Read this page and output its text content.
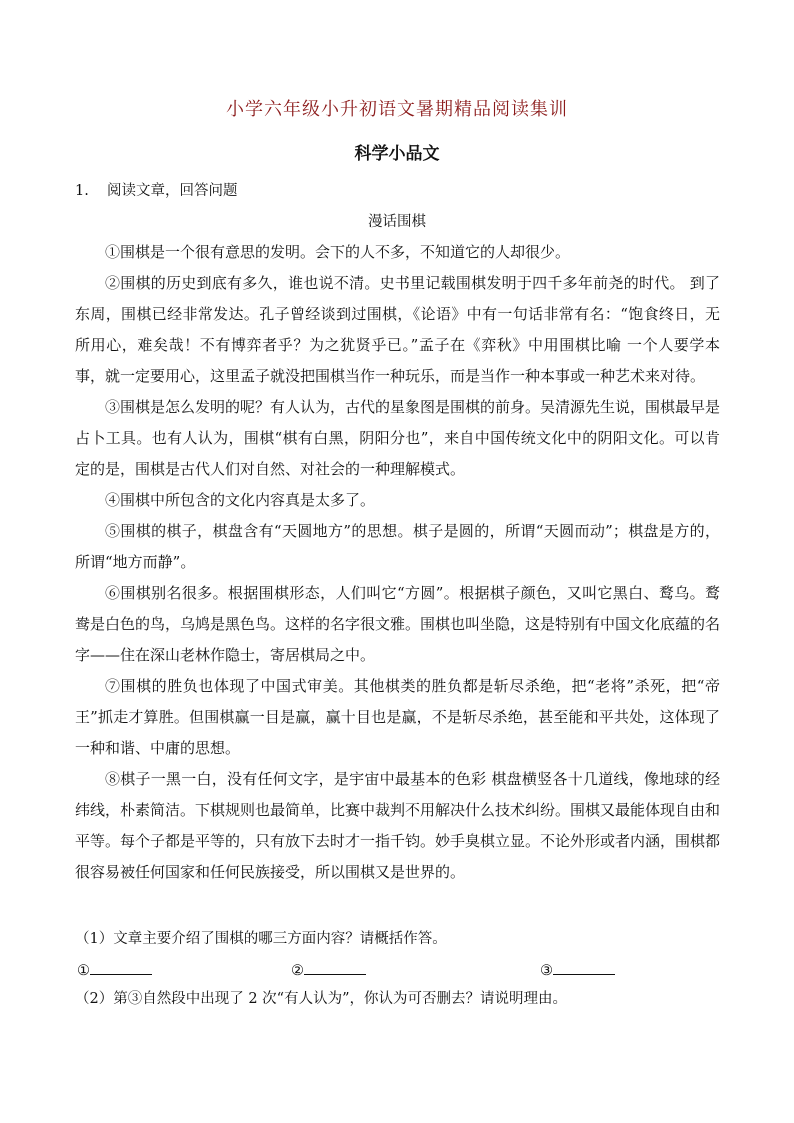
小学六年级小升初语文暑期精品阅读集训
科学小品文
1. 阅读文章，回答问题
漫话围棋

①围棋是一个很有意思的发明。会下的人不多，不知道它的人却很少。

②围棋的历史到底有多久，谁也说不清。史书里记载围棋发明于四千多年前尧的时代。 到了东周，围棋已经非常发达。孔子曾经谈到过围棋，《论语》中有一句话非常有名：“饱食终日，无所用心，难矣哉！不有博弈者乎？为之犹贤乎已。”孟子在《弈秋》中用围棋比喻 一个人要学本事，就一定要用心，这里孟子就没把围棋当作一种玩乐，而是当作一种本事或一种艺术来对待。

③围棋是怎么发明的呢？有人认为，古代的星象图是围棋的前身。吴清源先生说，围棋最早是占卜工具。也有人认为，围棋“棋有白黑，阴阳分也”，来自中国传统文化中的阴阳文化。可以肯定的是，围棋是古代人们对自然、对社会的一种理解模式。

④围棋中所包含的文化内容真是太多了。

⑤围棋的棋子，棋盘含有“天圆地方”的思想。棋子是圆的，所谓“天圆而动”；棋盘是方的，所谓“地方而静”。

⑥围棋别名很多。根据围棋形态，人们叫它“方圆”。根据棋子颜色，又叫它黑白、鹜乌。鹜鸯是白色的鸟，乌鸠是黑色鸟。这样的名字很文雅。围棋也叫坐隐，这是特别有中国文化底蕴的名字——住在深山老林作隐士，寄居棋局之中。

⑦围棋的胜负也体现了中国式审美。其他棋类的胜负都是斩尽杀绝，把“老将”杀死，把“帝王”抓走才算胜。但围棋赢一目是赢，赢十目也是赢，不是斩尽杀绝，甚至能和平共处，这体现了一种和谐、中庸的思想。

⑧棋子一黑一白，没有任何文字，是宇宙中最基本的色彩 棋盘横竖各十几道线，像地球的经纬线，朴素简洁。下棋规则也最简单，比赛中裁判不用解决什么技术纠纷。围棋又最能体现自由和平等。每个子都是平等的，只有放下去时才一指千钧。妙手臭棋立显。不论外形或者内涵，围棋都很容易被任何国家和任何民族接受，所以围棋又是世界的。

（1）文章主要介绍了围棋的哪三方面内容？请概括作答。
①	②	③
（2）第③自然段中出现了 2 次“有人认为”，你认为可否删去？请说明理由。
